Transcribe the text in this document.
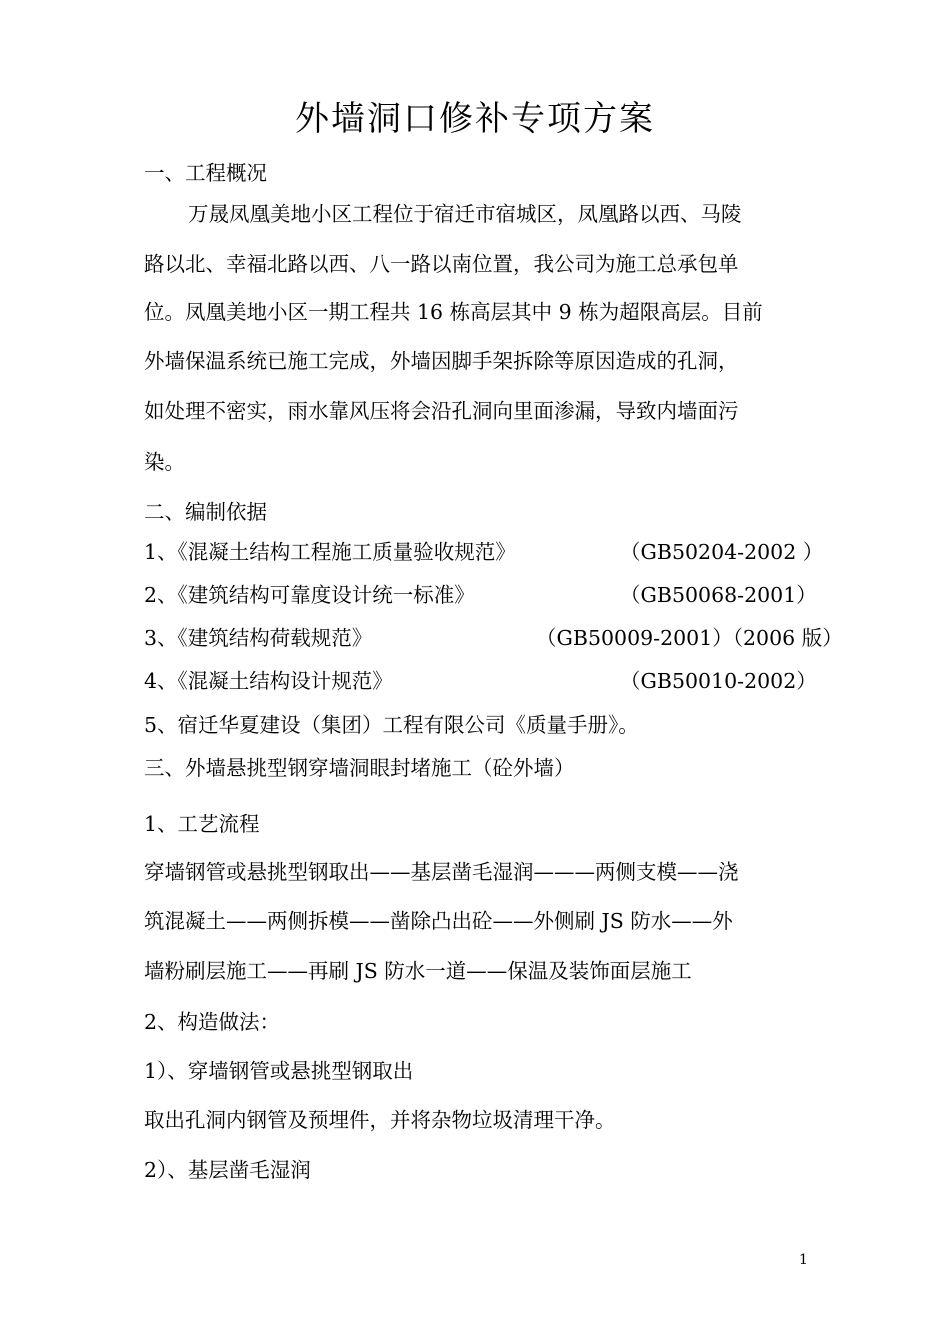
外墙洞口修补专项方案
一、工程概况
万晟凤凰美地小区工程位于宿迁市宿城区，凤凰路以西、马陵
路以北、幸福北路以西、八一路以南位置，我公司为施工总承包单
位。凤凰美地小区一期工程共 16 栋高层其中 9 栋为超限高层。目前
外墙保温系统已施工完成，外墙因脚手架拆除等原因造成的孔洞，
如处理不密实，雨水靠风压将会沿孔洞向里面渗漏，导致内墙面污
染。
二、编制依据
1、《混凝土结构工程施工质量验收规范》	（GB50204-2002 ）
2、《建筑结构可靠度设计统一标准》	（GB50068-2001）
3、《建筑结构荷载规范》	（GB50009-2001）（2006 版）
4、《混凝土结构设计规范》	（GB50010-2002）
5、宿迁华夏建设（集团）工程有限公司《质量手册》。
三、外墙悬挑型钢穿墙洞眼封堵施工（砼外墙）
1、工艺流程
穿墙钢管或悬挑型钢取出——基层凿毛湿润———两侧支模——浇
筑混凝土——两侧拆模——凿除凸出砼——外侧刷 JS 防水——外
墙粉刷层施工——再刷 JS 防水一道——保温及装饰面层施工
2、构造做法：
1）、穿墙钢管或悬挑型钢取出
取出孔洞内钢管及预埋件，并将杂物垃圾清理干净。
2）、基层凿毛湿润
1
